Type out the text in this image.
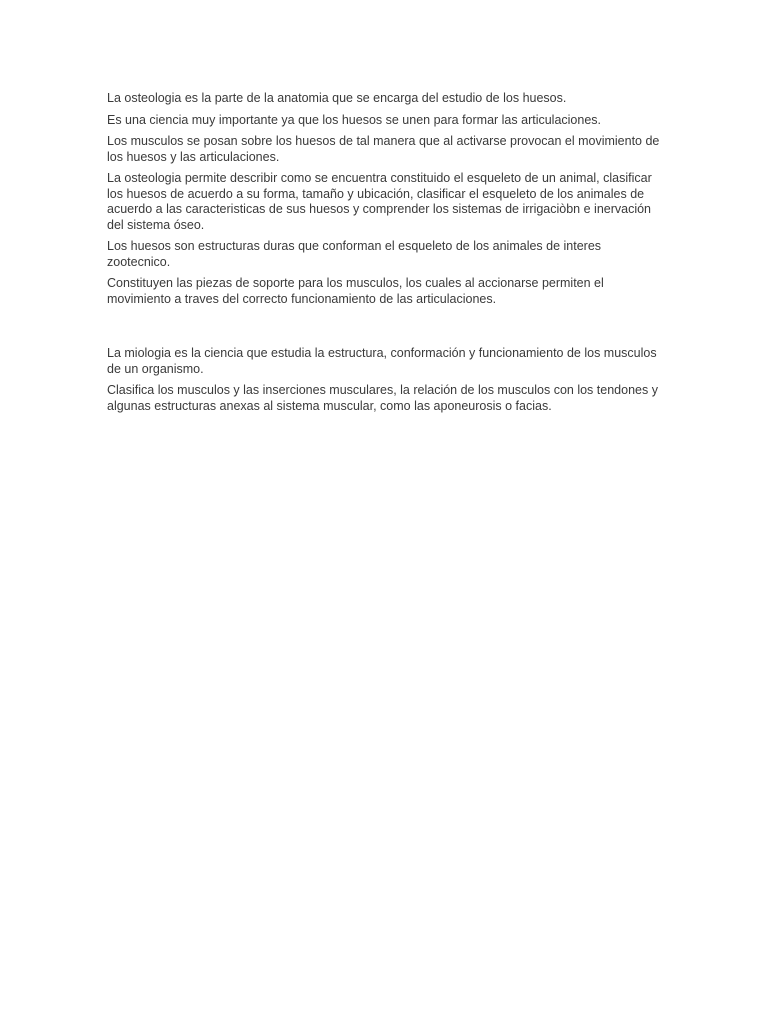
La osteologia es la parte de la anatomia que se encarga del estudio de los huesos.

Es una ciencia muy importante ya que los huesos se unen para formar las articulaciones.

Los musculos se posan sobre los huesos de tal manera que al activarse provocan el movimiento de los huesos y las articulaciones.

La osteologia permite describir como se encuentra constituido el esqueleto de un animal, clasificar los huesos de acuerdo a su forma, tamaño y ubicación, clasificar el esqueleto de los animales de acuerdo a las caracteristicas de sus huesos y comprender los sistemas de irrigaciòbn e inervación del sistema óseo.

Los huesos son estructuras duras que conforman el esqueleto de los animales de interes zootecnico.

Constituyen las piezas de soporte para los musculos, los cuales al accionarse permiten el movimiento a traves del correcto funcionamiento de las articulaciones.

La miologia es la ciencia que estudia la estructura, conformación y funcionamiento de los musculos de un organismo.

Clasifica los musculos y las inserciones musculares, la relación de los musculos con los tendones y algunas estructuras anexas al sistema muscular, como las aponeurosis o facias.
